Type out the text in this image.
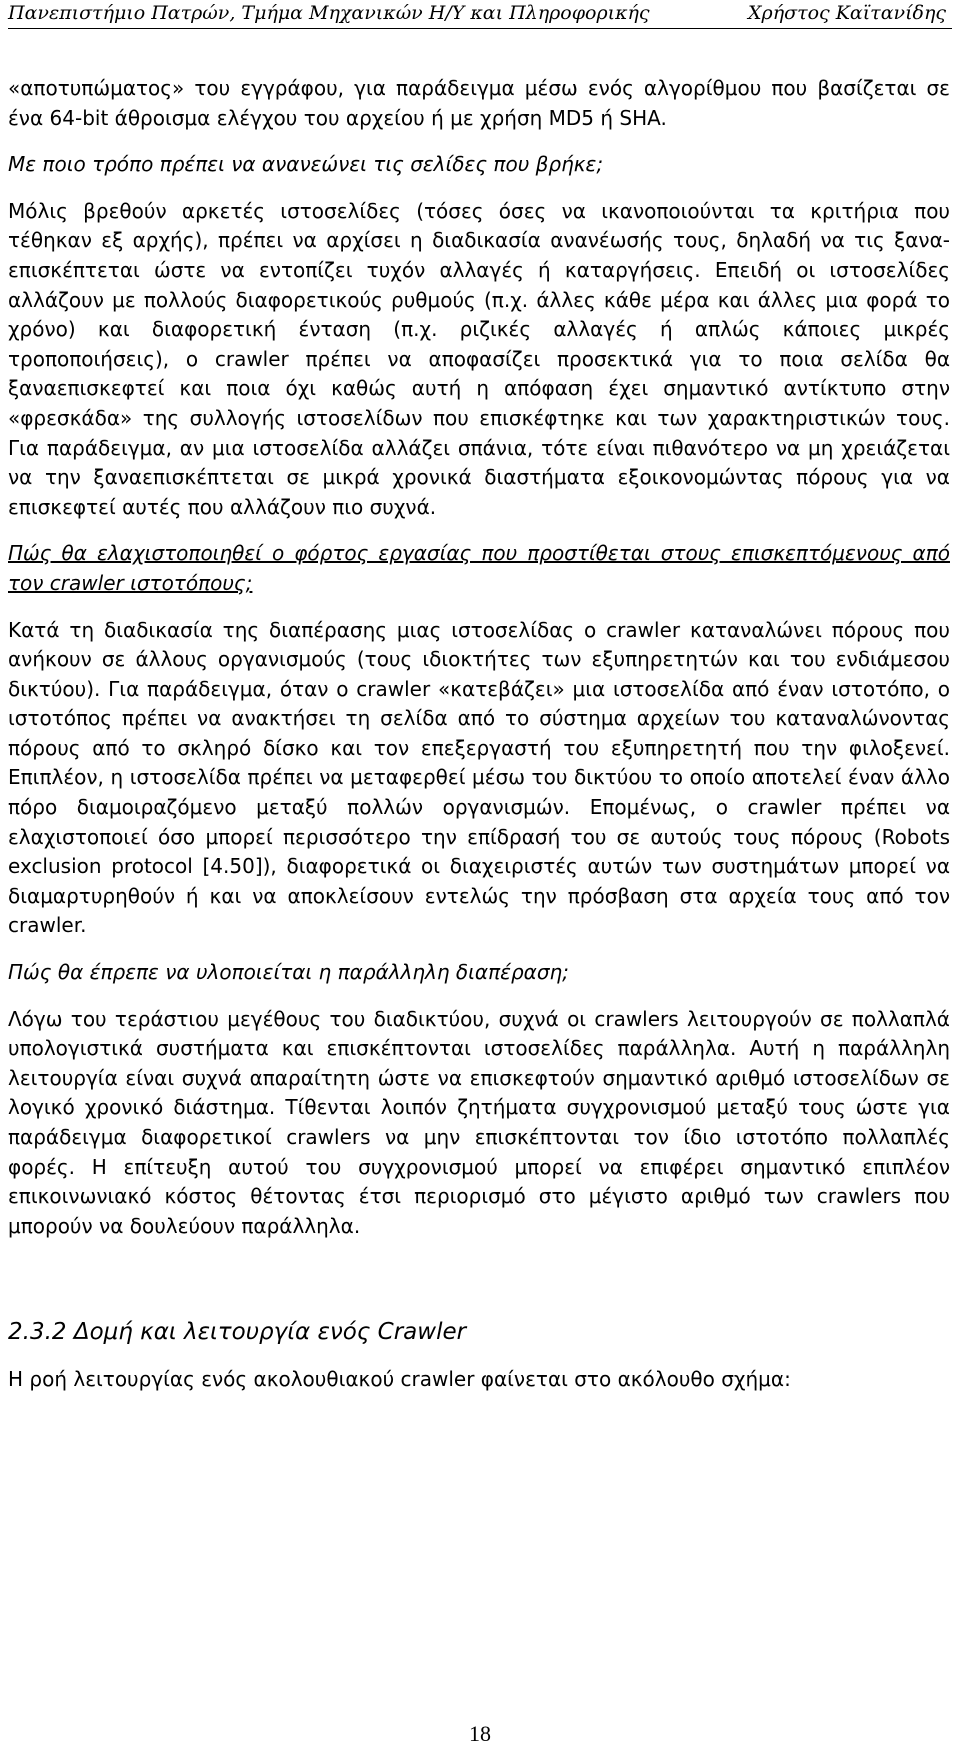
Πανεπιστήμιο Πατρών, Τμήμα Μηχανικών Η/Υ και Πληροφορικής	Χρήστος Καϊτανίδης

«αποτυπώματος» του εγγράφου, για παράδειγμα μέσω ενός αλγορίθμου που βασίζεται σε ένα 64-bit άθροισμα ελέγχου του αρχείου ή με χρήση MD5 ή SHA.

Με ποιο τρόπο πρέπει να ανανεώνει τις σελίδες που βρήκε;

Μόλις βρεθούν αρκετές ιστοσελίδες (τόσες όσες να ικανοποιούνται τα κριτήρια που τέθηκαν εξ αρχής), πρέπει να αρχίσει η διαδικασία ανανέωσής τους, δηλαδή να τις ξανα-επισκέπτεται ώστε να εντοπίζει τυχόν αλλαγές ή καταργήσεις. Επειδή οι ιστοσελίδες αλλάζουν με πολλούς διαφορετικούς ρυθμούς (π.χ. άλλες κάθε μέρα και άλλες μια φορά το χρόνο) και διαφορετική ένταση (π.χ. ριζικές αλλαγές ή απλώς κάποιες μικρές τροποποιήσεις), ο crawler πρέπει να αποφασίζει προσεκτικά για το ποια σελίδα θα ξαναεπισκεφτεί και ποια όχι καθώς αυτή η απόφαση έχει σημαντικό αντίκτυπο στην «φρεσκάδα» της συλλογής ιστοσελίδων που επισκέφτηκε και των χαρακτηριστικών τους. Για παράδειγμα, αν μια ιστοσελίδα αλλάζει σπάνια, τότε είναι πιθανότερο να μη χρειάζεται να την ξαναεπισκέπτεται σε μικρά χρονικά διαστήματα εξοικονομώντας πόρους για να επισκεφτεί αυτές που αλλάζουν πιο συχνά.

Πώς θα ελαχιστοποιηθεί ο φόρτος εργασίας που προστίθεται στους επισκεπτόμενους από τον crawler ιστοτόπους;

Κατά τη διαδικασία της διαπέρασης μιας ιστοσελίδας ο crawler καταναλώνει πόρους που ανήκουν σε άλλους οργανισμούς (τους ιδιοκτήτες των εξυπηρετητών και του ενδιάμεσου δικτύου). Για παράδειγμα, όταν ο crawler «κατεβάζει» μια ιστοσελίδα από έναν ιστοτόπο, ο ιστοτόπος πρέπει να ανακτήσει τη σελίδα από το σύστημα αρχείων του καταναλώνοντας πόρους από το σκληρό δίσκο και τον επεξεργαστή του εξυπηρετητή που την φιλοξενεί. Επιπλέον, η ιστοσελίδα πρέπει να μεταφερθεί μέσω του δικτύου το οποίο αποτελεί έναν άλλο πόρο διαμοιραζόμενο μεταξύ πολλών οργανισμών. Επομένως, ο crawler πρέπει να ελαχιστοποιεί όσο μπορεί περισσότερο την επίδρασή του σε αυτούς τους πόρους (Robots exclusion protocol [4.50]), διαφορετικά οι διαχειριστές αυτών των συστημάτων μπορεί να διαμαρτυρηθούν ή και να αποκλείσουν εντελώς την πρόσβαση στα αρχεία τους από τον crawler.

Πώς θα έπρεπε να υλοποιείται η παράλληλη διαπέραση;

Λόγω του τεράστιου μεγέθους του διαδικτύου, συχνά οι crawlers λειτουργούν σε πολλαπλά υπολογιστικά συστήματα και επισκέπτονται ιστοσελίδες παράλληλα. Αυτή η παράλληλη λειτουργία είναι συχνά απαραίτητη ώστε να επισκεφτούν σημαντικό αριθμό ιστοσελίδων σε λογικό χρονικό διάστημα. Τίθενται λοιπόν ζητήματα συγχρονισμού μεταξύ τους ώστε για παράδειγμα διαφορετικοί crawlers να μην επισκέπτονται τον ίδιο ιστοτόπο πολλαπλές φορές. Η επίτευξη αυτού του συγχρονισμού μπορεί να επιφέρει σημαντικό επιπλέον επικοινωνιακό κόστος θέτοντας έτσι περιορισμό στο μέγιστο αριθμό των crawlers που μπορούν να δουλεύουν παράλληλα.

2.3.2 Δομή και λειτουργία ενός Crawler

Η ροή λειτουργίας ενός ακολουθιακού crawler φαίνεται στο ακόλουθο σχήμα:

18
